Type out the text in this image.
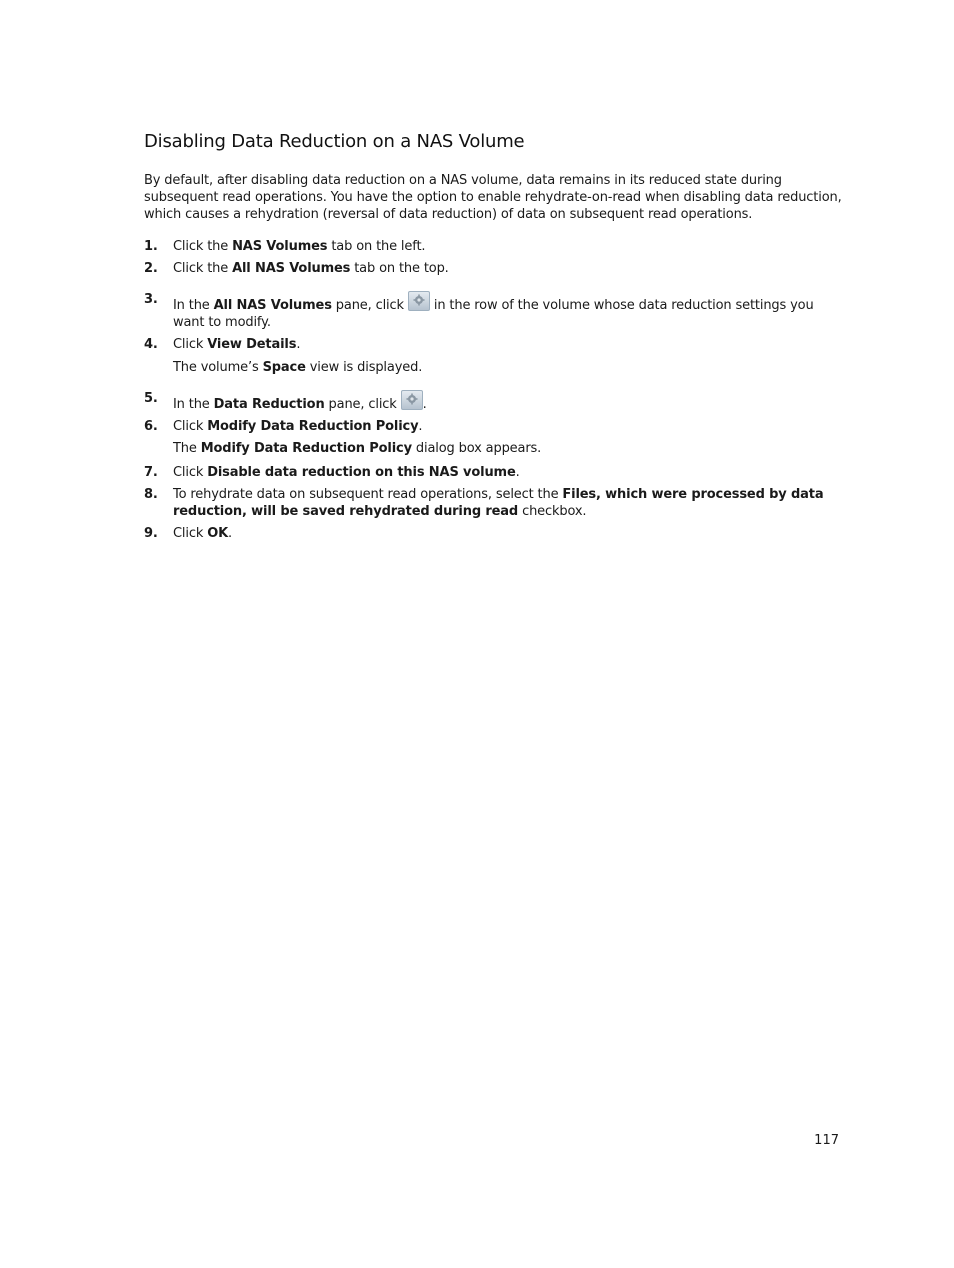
Disabling Data Reduction on a NAS Volume

By default, after disabling data reduction on a NAS volume, data remains in its reduced state during subsequent read operations. You have the option to enable rehydrate-on-read when disabling data reduction, which causes a rehydration (reversal of data reduction) of data on subsequent read operations.

1. Click the NAS Volumes tab on the left.
2. Click the All NAS Volumes tab on the top.
3. In the All NAS Volumes pane, click
in the row of the volume whose data reduction settings you want to modify.
4. Click View Details.
The volume’s Space view is displayed.
5. In the Data Reduction pane, click
.
6. Click Modify Data Reduction Policy.
The Modify Data Reduction Policy dialog box appears.
7. Click Disable data reduction on this NAS volume.
8. To rehydrate data on subsequent read operations, select the Files, which were processed by data reduction, will be saved rehydrated during read checkbox.
9. Click OK.

117
